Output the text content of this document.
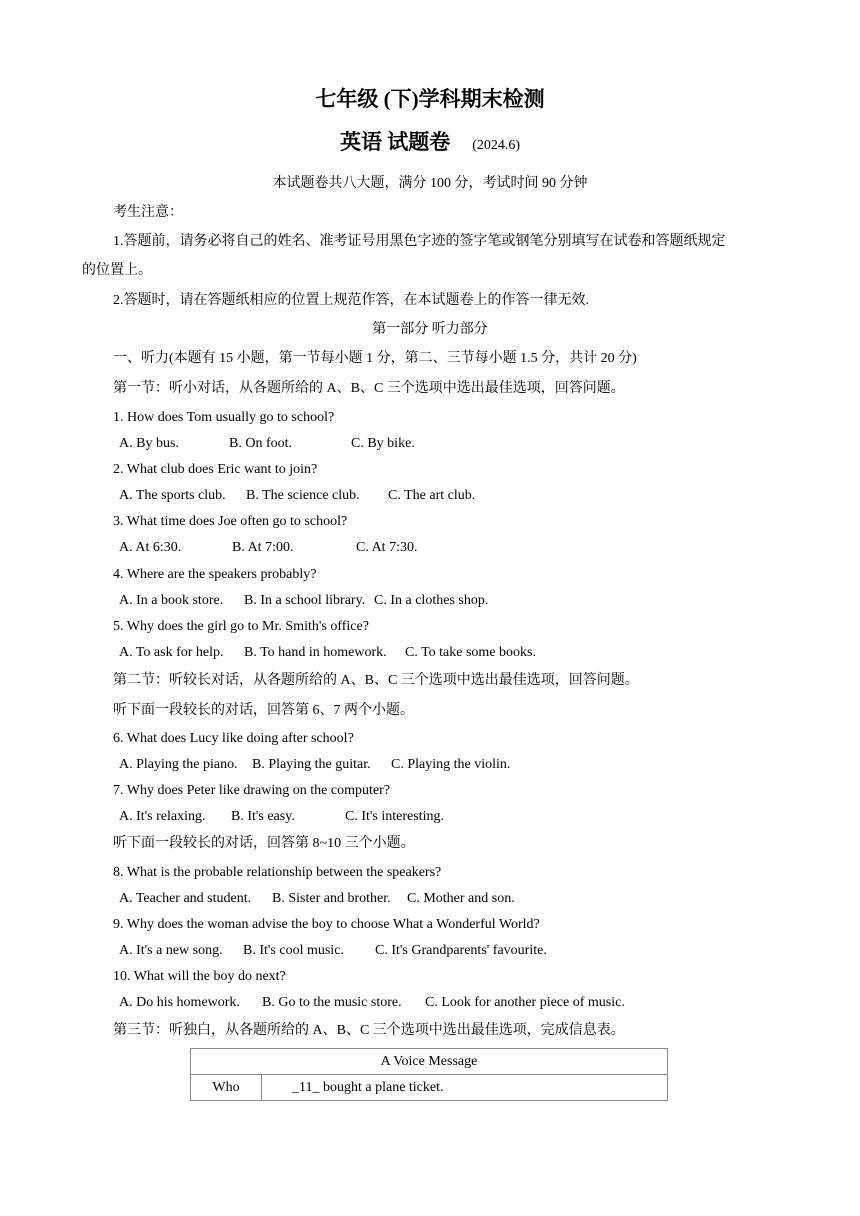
七年级 (下)学科期末检测
英语 试题卷 (2024.6)
本试题卷共八大题，满分 100 分，考试时间 90 分钟
考生注意：
1.答题前，请务必将自己的姓名、准考证号用黑色字迹的签字笔或钢笔分别填写在试卷和答题纸规定
的位置上。
2.答题时，请在答题纸相应的位置上规范作答，在本试题卷上的作答一律无效.
第一部分 听力部分
一、听力(本题有 15 小题，第一节每小题 1 分，第二、三节每小题 1.5 分，共计 20 分)
第一节：听小对话，从各题所给的 A、B、C 三个选项中选出最佳选项，回答问题。
1. How does Tom usually go to school?
A. By bus.	B. On foot.	C. By bike.
2. What club does Eric want to join?
A. The sports club. B. The science club. C. The art club.
3. What time does Joe often go to school?
A. At 6:30.	B. At 7:00.	C. At 7:30.
4. Where are the speakers probably?
A. In a book store. B. In a school library. C. In a clothes shop.
5. Why does the girl go to Mr. Smith's office?
A. To ask for help. B. To hand in homework. C. To take some books.
第二节：听较长对话，从各题所给的 A、B、C 三个选项中选出最佳选项，回答问题。
听下面一段较长的对话，回答第 6、7 两个小题。
6. What does Lucy like doing after school?
A. Playing the piano. B. Playing the guitar. C. Playing the violin.
7. Why does Peter like drawing on the computer?
A. It's relaxing. B. It's easy.	C. It's interesting.
听下面一段较长的对话，回答第 8~10 三个小题。
8. What is the probable relationship between the speakers?
A. Teacher and student. B. Sister and brother. C. Mother and son.
9. Why does the woman advise the boy to choose What a Wonderful World?
A. It's a new song. B. It's cool music. C. It's Grandparents' favourite.
10. What will the boy do next?
A. Do his homework. B. Go to the music store. C. Look for another piece of music.
第三节：听独白，从各题所给的 A、B、C 三个选项中选出最佳选项，完成信息表。
A Voice Message
Who	_11_ bought a plane ticket.
